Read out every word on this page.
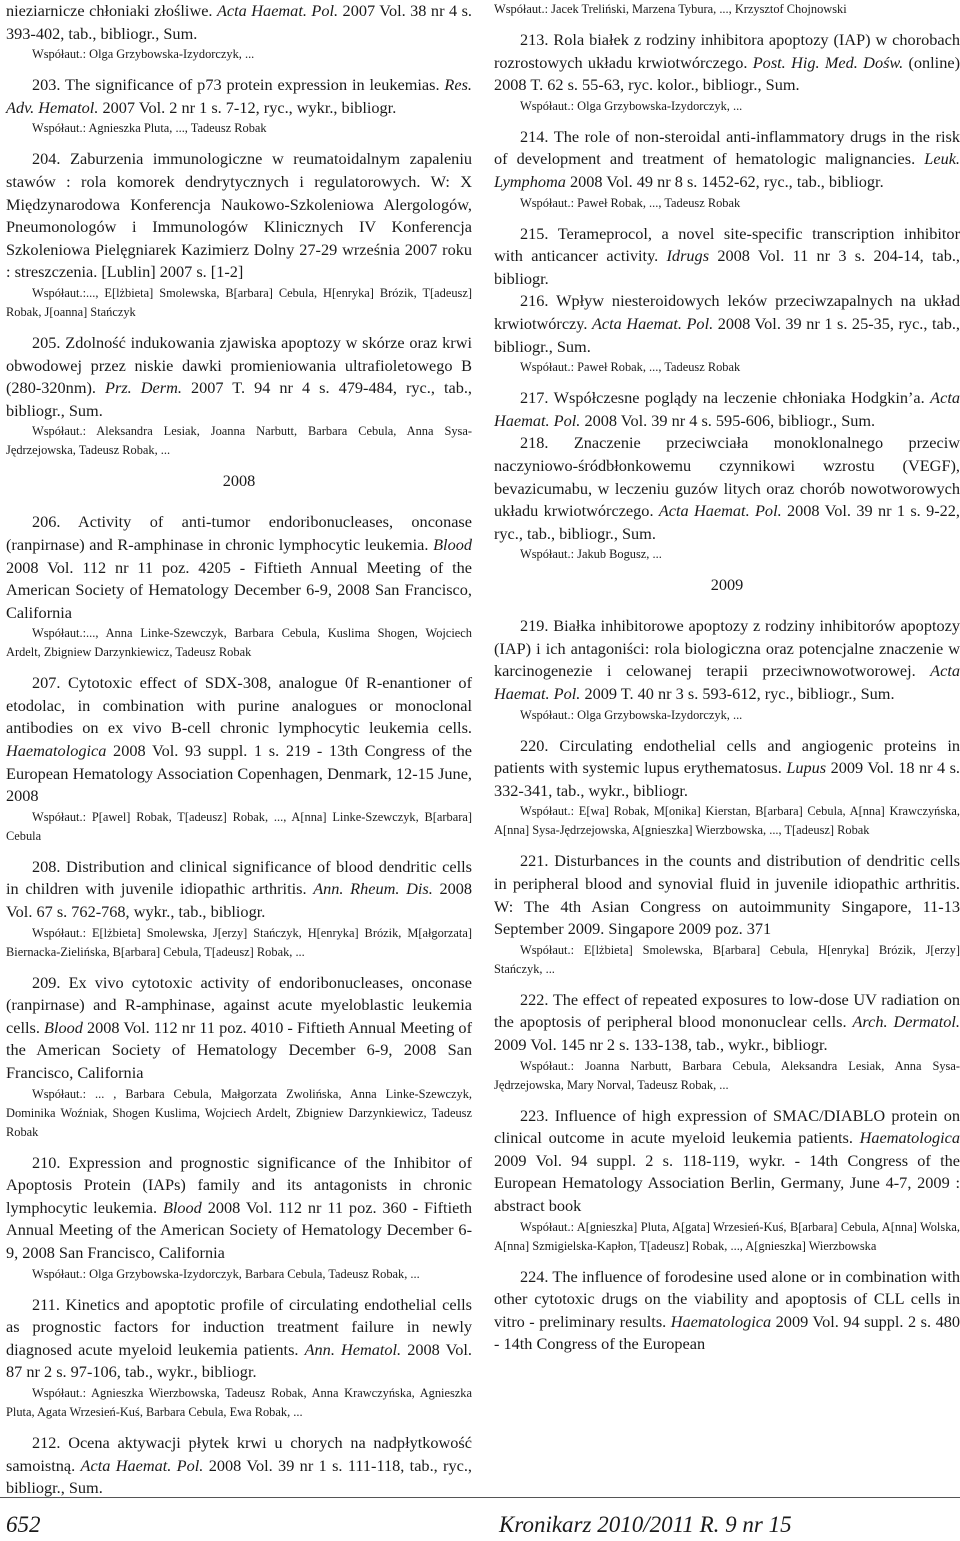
nieziarnicze chłoniaki złośliwe. Acta Haemat. Pol. 2007 Vol. 38 nr 4 s. 393-402, tab., bibliogr., Sum.
Współaut.: Olga Grzybowska-Izydorczyk, ...
203. The significance of p73 protein expression in leukemias. Res. Adv. Hematol. 2007 Vol. 2 nr 1 s. 7-12, ryc., wykr., bibliogr.
Współaut.: Agnieszka Pluta, ..., Tadeusz Robak
204. Zaburzenia immunologiczne w reumatoidalnym zapaleniu stawów : rola komorek dendrytycznych i regulatorowych. W: X Międzynarodowa Konferencja Naukowo-Szkoleniowa Alergologów, Pneumonologów i Immunologów Klinicznych IV Konferencja Szkoleniowa Pielęgniarek Kazimierz Dolny 27-29 września 2007 roku : streszczenia. [Lublin] 2007 s. [1-2]
Współaut.:..., E[lżbieta] Smolewska, B[arbara] Cebula, H[enryka] Brózik, T[adeusz] Robak, J[oanna] Stańczyk
205. Zdolność indukowania zjawiska apoptozy w skórze oraz krwi obwodowej przez niskie dawki promieniowania ultrafioletowego B (280-320nm). Prz. Derm. 2007 T. 94 nr 4 s. 479-484, ryc., tab., bibliogr., Sum.
Współaut.: Aleksandra Lesiak, Joanna Narbutt, Barbara Cebula, Anna Sysa-Jędrzejowska, Tadeusz Robak, ...
2008
206. Activity of anti-tumor endoribonucleases, onconase (ranpirnase) and R-amphinase in chronic lymphocytic leukemia. Blood 2008 Vol. 112 nr 11 poz. 4205 - Fiftieth Annual Meeting of the American Society of Hematology December 6-9, 2008 San Francisco, California
Współaut.:..., Anna Linke-Szewczyk, Barbara Cebula, Kuslima Shogen, Wojciech Ardelt, Zbigniew Darzynkiewicz, Tadeusz Robak
207. Cytotoxic effect of SDX-308, analogue 0f R-enantioner of etodolac, in combination with purine analogues or monoclonal antibodies on ex vivo B-cell chronic lymphocytic leukemia cells. Haematologica 2008 Vol. 93 suppl. 1 s. 219 - 13th Congress of the European Hematology Association Copenhagen, Denmark, 12-15 June, 2008
Współaut.: P[awel] Robak, T[adeusz] Robak, ..., A[nna] Linke-Szewczyk, B[arbara] Cebula
208. Distribution and clinical significance of blood dendritic cells in children with juvenile idiopathic arthritis. Ann. Rheum. Dis. 2008 Vol. 67 s. 762-768, wykr., tab., bibliogr.
Współaut.: E[lżbieta] Smolewska, J[erzy] Stańczyk, H[enryka] Brózik, M[ałgorzata] Biernacka-Zielińska, B[arbara] Cebula, T[adeusz] Robak, ...
209. Ex vivo cytotoxic activity of endoribonucleases, onconase (ranpirnase) and R-amphinase, against acute myeloblastic leukemia cells. Blood 2008 Vol. 112 nr 11 poz. 4010 - Fiftieth Annual Meeting of the American Society of Hematology December 6-9, 2008 San Francisco, California
Współaut.: ... , Barbara Cebula, Małgorzata Zwolińska, Anna Linke-Szewczyk, Dominika Woźniak, Shogen Kuslima, Wojciech Ardelt, Zbigniew Darzynkiewicz, Tadeusz Robak
210. Expression and prognostic significance of the Inhibitor of Apoptosis Protein (IAPs) family and its antagonists in chronic lymphocytic leukemia. Blood 2008 Vol. 112 nr 11 poz. 360 - Fiftieth Annual Meeting of the American Society of Hematology December 6-9, 2008 San Francisco, California
Współaut.: Olga Grzybowska-Izydorczyk, Barbara Cebula, Tadeusz Robak, ...
211. Kinetics and apoptotic profile of circulating endothelial cells as prognostic factors for induction treatment failure in newly diagnosed acute myeloid leukemia patients. Ann. Hematol. 2008 Vol. 87 nr 2 s. 97-106, tab., wykr., bibliogr.
Współaut.: Agnieszka Wierzbowska, Tadeusz Robak, Anna Krawczyńska, Agnieszka Pluta, Agata Wrzesień-Kuś, Barbara Cebula, Ewa Robak, ...
212. Ocena aktywacji płytek krwi u chorych na nadpłytkowość samoistną. Acta Haemat. Pol. 2008 Vol. 39 nr 1 s. 111-118, tab., ryc., bibliogr., Sum.
Współaut.: Jacek Treliński, Marzena Tybura, ..., Krzysztof Chojnowski
213. Rola białek z rodziny inhibitora apoptozy (IAP) w chorobach rozrostowych układu krwiotwórczego. Post. Hig. Med. Dośw. (online) 2008 T. 62 s. 55-63, ryc. kolor., bibliogr., Sum.
Współaut.: Olga Grzybowska-Izydorczyk, ...
214. The role of non-steroidal anti-inflammatory drugs in the risk of development and treatment of hematologic malignancies. Leuk. Lymphoma 2008 Vol. 49 nr 8 s. 1452-62, ryc., tab., bibliogr.
Współaut.: Paweł Robak, ..., Tadeusz Robak
215. Terameprocol, a novel site-specific transcription inhibitor with anticancer activity. Idrugs 2008 Vol. 11 nr 3 s. 204-14, tab., bibliogr.
216. Wpływ niesteroidowych leków przeciwzapalnych na układ krwiotwórczy. Acta Haemat. Pol. 2008 Vol. 39 nr 1 s. 25-35, ryc., tab., bibliogr., Sum.
Współaut.: Paweł Robak, ..., Tadeusz Robak
217. Współczesne poglądy na leczenie chłoniaka Hodgkin’a. Acta Haemat. Pol. 2008 Vol. 39 nr 4 s. 595-606, bibliogr., Sum.
218. Znaczenie przeciwciała monoklonalnego przeciw naczyniowo-śródbłonkowemu czynnikowi wzrostu (VEGF), bevazicumabu, w leczeniu guzów litych oraz chorób nowotworowych układu krwiotwórczego. Acta Haemat. Pol. 2008 Vol. 39 nr 1 s. 9-22, ryc., tab., bibliogr., Sum.
Współaut.: Jakub Bogusz, ...
2009
219. Białka inhibitorowe apoptozy z rodziny inhibitorów apoptozy (IAP) i ich antagoniści: rola biologiczna oraz potencjalne znaczenie w karcinogenezie i celowanej terapii przeciwnowotworowej. Acta Haemat. Pol. 2009 T. 40 nr 3 s. 593-612, ryc., bibliogr., Sum.
Współaut.: Olga Grzybowska-Izydorczyk, ...
220. Circulating endothelial cells and angiogenic proteins in patients with systemic lupus erythematosus. Lupus 2009 Vol. 18 nr 4 s. 332-341, tab., wykr., bibliogr.
Współaut.: E[wa] Robak, M[onika] Kierstan, B[arbara] Cebula, A[nna] Krawczyńska, A[nna] Sysa-Jędrzejowska, A[gnieszka] Wierzbowska, ..., T[adeusz] Robak
221. Disturbances in the counts and distribution of dendritic cells in peripheral blood and synovial fluid in juvenile idiopathic arthritis. W: The 4th Asian Congress on autoimmunity Singapore, 11-13 September 2009. Singapore 2009 poz. 371
Współaut.: E[lżbieta] Smolewska, B[arbara] Cebula, H[enryka] Brózik, J[erzy] Stańczyk, ...
222. The effect of repeated exposures to low-dose UV radiation on the apoptosis of peripheral blood mononuclear cells. Arch. Dermatol. 2009 Vol. 145 nr 2 s. 133-138, tab., wykr., bibliogr.
Współaut.: Joanna Narbutt, Barbara Cebula, Aleksandra Lesiak, Anna Sysa-Jędrzejowska, Mary Norval, Tadeusz Robak, ...
223. Influence of high expression of SMAC/DIABLO protein on clinical outcome in acute myeloid leukemia patients. Haematologica 2009 Vol. 94 suppl. 2 s. 118-119, wykr. - 14th Congress of the European Hematology Association Berlin, Germany, June 4-7, 2009 : abstract book
Współaut.: A[gnieszka] Pluta, A[gata] Wrzesień-Kuś, B[arbara] Cebula, A[nna] Wolska, A[nna] Szmigielska-Kapłon, T[adeusz] Robak, ..., A[gnieszka] Wierzbowska
224. The influence of forodesine used alone or in combination with other cytotoxic drugs on the viability and apoptosis of CLL cells in vitro - preliminary results. Haematologica 2009 Vol. 94 suppl. 2 s. 480 - 14th Congress of the European
652	Kronikarz 2010/2011 R. 9 nr 15
